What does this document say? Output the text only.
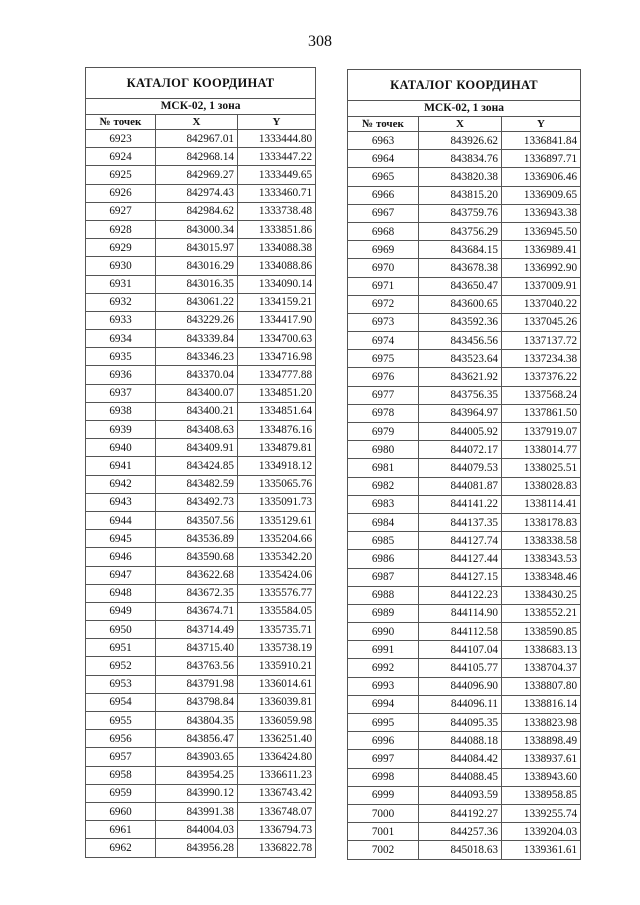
308
КАТАЛОГ КООРДИНАТ		
МСК-02, 1 зона		
№ точек	X	Y
6923	842967.01	1333444.80
6924	842968.14	1333447.22
6925	842969.27	1333449.65
6926	842974.43	1333460.71
6927	842984.62	1333738.48
6928	843000.34	1333851.86
6929	843015.97	1334088.38
6930	843016.29	1334088.86
6931	843016.35	1334090.14
6932	843061.22	1334159.21
6933	843229.26	1334417.90
6934	843339.84	1334700.63
6935	843346.23	1334716.98
6936	843370.04	1334777.88
6937	843400.07	1334851.20
6938	843400.21	1334851.64
6939	843408.63	1334876.16
6940	843409.91	1334879.81
6941	843424.85	1334918.12
6942	843482.59	1335065.76
6943	843492.73	1335091.73
6944	843507.56	1335129.61
6945	843536.89	1335204.66
6946	843590.68	1335342.20
6947	843622.68	1335424.06
6948	843672.35	1335576.77
6949	843674.71	1335584.05
6950	843714.49	1335735.71
6951	843715.40	1335738.19
6952	843763.56	1335910.21
6953	843791.98	1336014.61
6954	843798.84	1336039.81
6955	843804.35	1336059.98
6956	843856.47	1336251.40
6957	843903.65	1336424.80
6958	843954.25	1336611.23
6959	843990.12	1336743.42
6960	843991.38	1336748.07
6961	844004.03	1336794.73
6962	843956.28	1336822.78
КАТАЛОГ КООРДИНАТ		
МСК-02, 1 зона		
№ точек	X	Y
6963	843926.62	1336841.84
6964	843834.76	1336897.71
6965	843820.38	1336906.46
6966	843815.20	1336909.65
6967	843759.76	1336943.38
6968	843756.29	1336945.50
6969	843684.15	1336989.41
6970	843678.38	1336992.90
6971	843650.47	1337009.91
6972	843600.65	1337040.22
6973	843592.36	1337045.26
6974	843456.56	1337137.72
6975	843523.64	1337234.38
6976	843621.92	1337376.22
6977	843756.35	1337568.24
6978	843964.97	1337861.50
6979	844005.92	1337919.07
6980	844072.17	1338014.77
6981	844079.53	1338025.51
6982	844081.87	1338028.83
6983	844141.22	1338114.41
6984	844137.35	1338178.83
6985	844127.74	1338338.58
6986	844127.44	1338343.53
6987	844127.15	1338348.46
6988	844122.23	1338430.25
6989	844114.90	1338552.21
6990	844112.58	1338590.85
6991	844107.04	1338683.13
6992	844105.77	1338704.37
6993	844096.90	1338807.80
6994	844096.11	1338816.14
6995	844095.35	1338823.98
6996	844088.18	1338898.49
6997	844084.42	1338937.61
6998	844088.45	1338943.60
6999	844093.59	1338958.85
7000	844192.27	1339255.74
7001	844257.36	1339204.03
7002	845018.63	1339361.61
